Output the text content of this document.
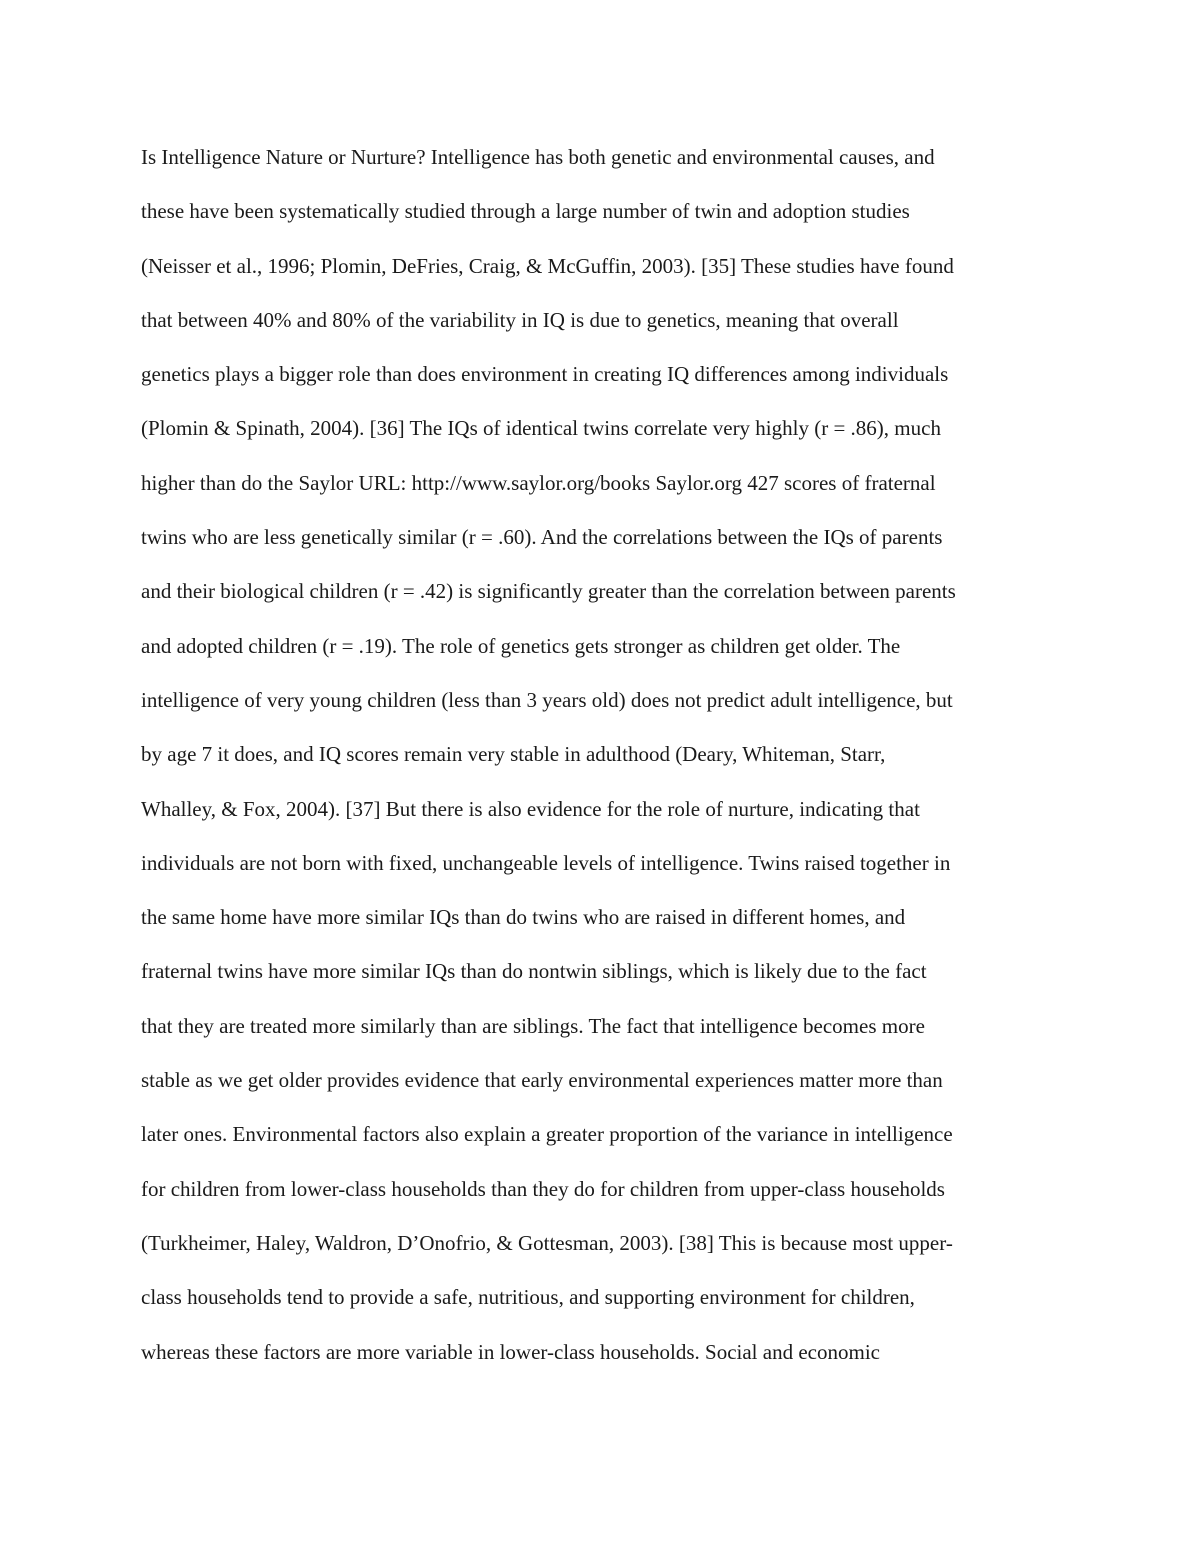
Is Intelligence Nature or Nurture? Intelligence has both genetic and environmental causes, and
these have been systematically studied through a large number of twin and adoption studies
(Neisser et al., 1996; Plomin, DeFries, Craig, & McGuffin, 2003). [35] These studies have found
that between 40% and 80% of the variability in IQ is due to genetics, meaning that overall
genetics plays a bigger role than does environment in creating IQ differences among individuals
(Plomin & Spinath, 2004). [36] The IQs of identical twins correlate very highly (r = .86), much
higher than do the Saylor URL: http://www.saylor.org/books Saylor.org 427 scores of fraternal
twins who are less genetically similar (r = .60). And the correlations between the IQs of parents
and their biological children (r = .42) is significantly greater than the correlation between parents
and adopted children (r = .19). The role of genetics gets stronger as children get older. The
intelligence of very young children (less than 3 years old) does not predict adult intelligence, but
by age 7 it does, and IQ scores remain very stable in adulthood (Deary, Whiteman, Starr,
Whalley, & Fox, 2004). [37] But there is also evidence for the role of nurture, indicating that
individuals are not born with fixed, unchangeable levels of intelligence. Twins raised together in
the same home have more similar IQs than do twins who are raised in different homes, and
fraternal twins have more similar IQs than do nontwin siblings, which is likely due to the fact
that they are treated more similarly than are siblings. The fact that intelligence becomes more
stable as we get older provides evidence that early environmental experiences matter more than
later ones. Environmental factors also explain a greater proportion of the variance in intelligence
for children from lower-class households than they do for children from upper-class households
(Turkheimer, Haley, Waldron, D’Onofrio, & Gottesman, 2003). [38] This is because most upper-
class households tend to provide a safe, nutritious, and supporting environment for children,
whereas these factors are more variable in lower-class households. Social and economic
